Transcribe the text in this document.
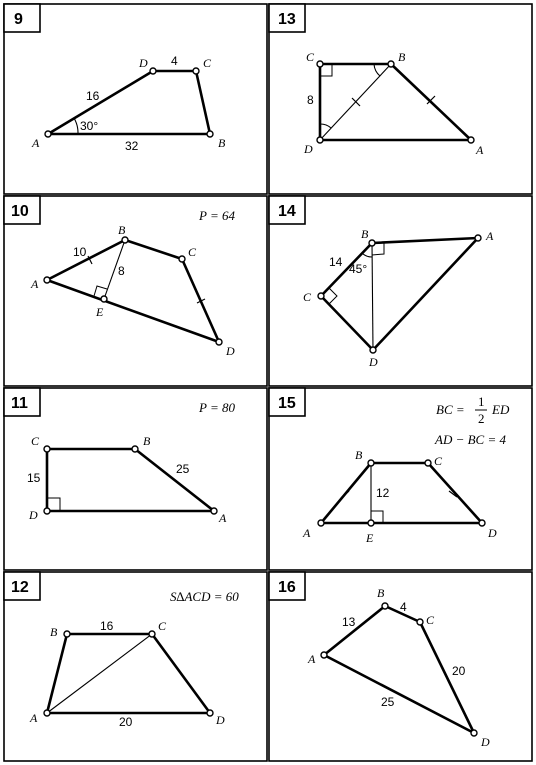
9
A	B
C
D
16
4
32
30°
13
A
B
C
D
8
10	P = 64
A
B
C
D
E
10
8
14
A
B
C
D
14 45°
11	P = 80
A
B
C
D
15
25
15	BC =
1
2
ED
AD − BC = 4
A
B	C
D
E
12
12
S∆ACD = 60
A
B	C
D
16
20
16
A
B
C
D
13
4
20
25
